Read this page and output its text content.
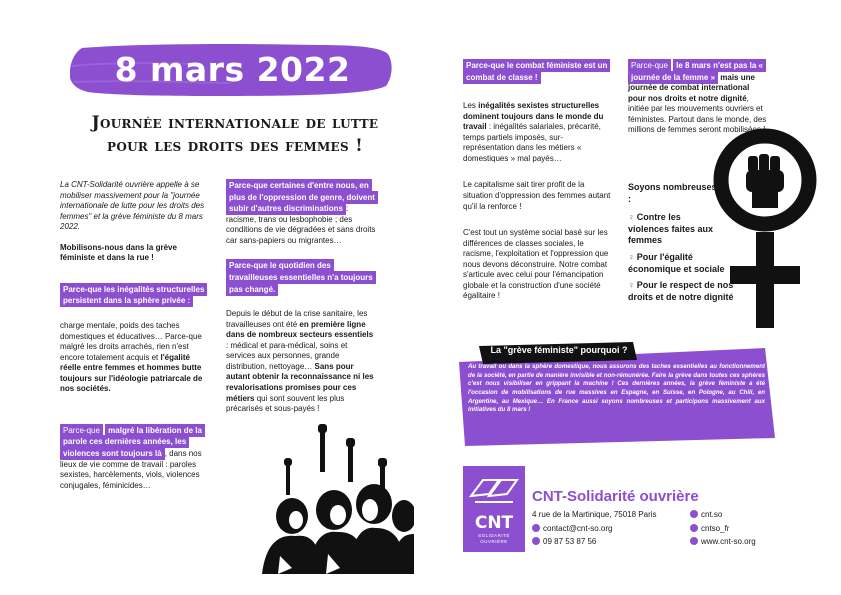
8 mars 2022
Journée internationale de lutte
pour les droits des femmes !

La CNT-Solidarité ouvrière appelle à se mobiliser massivement pour la "journée internationale de lutte pour les droits des femmes" et la grève féministe du 8 mars 2022.

Mobilisons-nous dans la grève féministe et dans la rue !

Parce-que les inégalités structurelles persistent dans la sphère privée :

charge mentale, poids des taches domestiques et éducatives… Parce-que malgré les droits arrachés, rien n'est encore totalement acquis et l'égalité réelle entre femmes et hommes butte toujours sur l'idéologie patriarcale de nos sociétés.

Parce-que malgré la libération de la parole ces dernières années, les violences sont toujours là , dans nos lieux de vie comme de travail : paroles sexistes, harcèlements, viols, violences conjugales, féminicides…

Parce-que certaines d'entre nous, en plus de l'oppression de genre, doivent subir d'autres discriminations : racisme, trans ou lesbophobie ; des conditions de vie dégradées et sans droits car sans-papiers ou migrantes…

Parce-que le quotidien des travailleuses essentielles n'a toujours pas changé.

Depuis le début de la crise sanitaire, les travailleuses ont été en première ligne dans de nombreux secteurs essentiels : médical et para-médical, soins et services aux personnes, grande distribution, nettoyage… Sans pour autant obtenir la reconnaissance ni les revalorisations promises pour ces métiers qui sont souvent les plus précarisés et sous-payés !

Parce-que le combat féministe est un combat de classe !

Les inégalités sexistes structurelles dominent toujours dans le monde du travail : inégalités salariales, précarité, temps partiels imposés, sur-représentation dans les métiers « domestiques » mal payés…

Le capitalisme sait tirer profit de la situation d'oppression des femmes autant qu'il la renforce !

C'est tout un système social basé sur les différences de classes sociales, le racisme, l'exploitation et l'oppression que nous devons déconstruire. Notre combat s'articule avec celui pour l'émancipation globale et la construction d'une société égalitaire !

Parce-que le 8 mars n'est pas la « journée de la femme » mais une journée de combat international pour nos droits et notre dignité, initiée par les mouvements ouvriers et féministes. Partout dans le monde, des millions de femmes seront mobilisées !

Soyons nombreuses :

♀ Contre les violences faites aux femmes
♀ Pour l'égalité économique et sociale
♀ Pour le respect de nos droits et de notre dignité
La "grève féministe" pourquoi ?
Au travail ou dans la sphère domestique, nous assurons des taches essentielles au fonctionnement de la société, en partie de manière invisible et non-rémunérée. Faire la grève dans toutes ces sphères c'est nous visibiliser en grippant la machine ! Ces dernières années, la grève féministe a été l'occasion de mobilisations de rue massives en Espagne, en Suisse, en Pologne, au Chili, en Argentine, au Mexique… En France aussi soyons nombreuses et participons massivement aux initiatives du 8 mars !
CNT
SOLIDARITÉ
OUVRIÈRE
CNT-Solidarité ouvrière
4 rue de la Martinique, 75018 Paris
contact@cnt-so.org
09 87 53 87 56
cnt.so
cntso_fr
www.cnt-so.org
